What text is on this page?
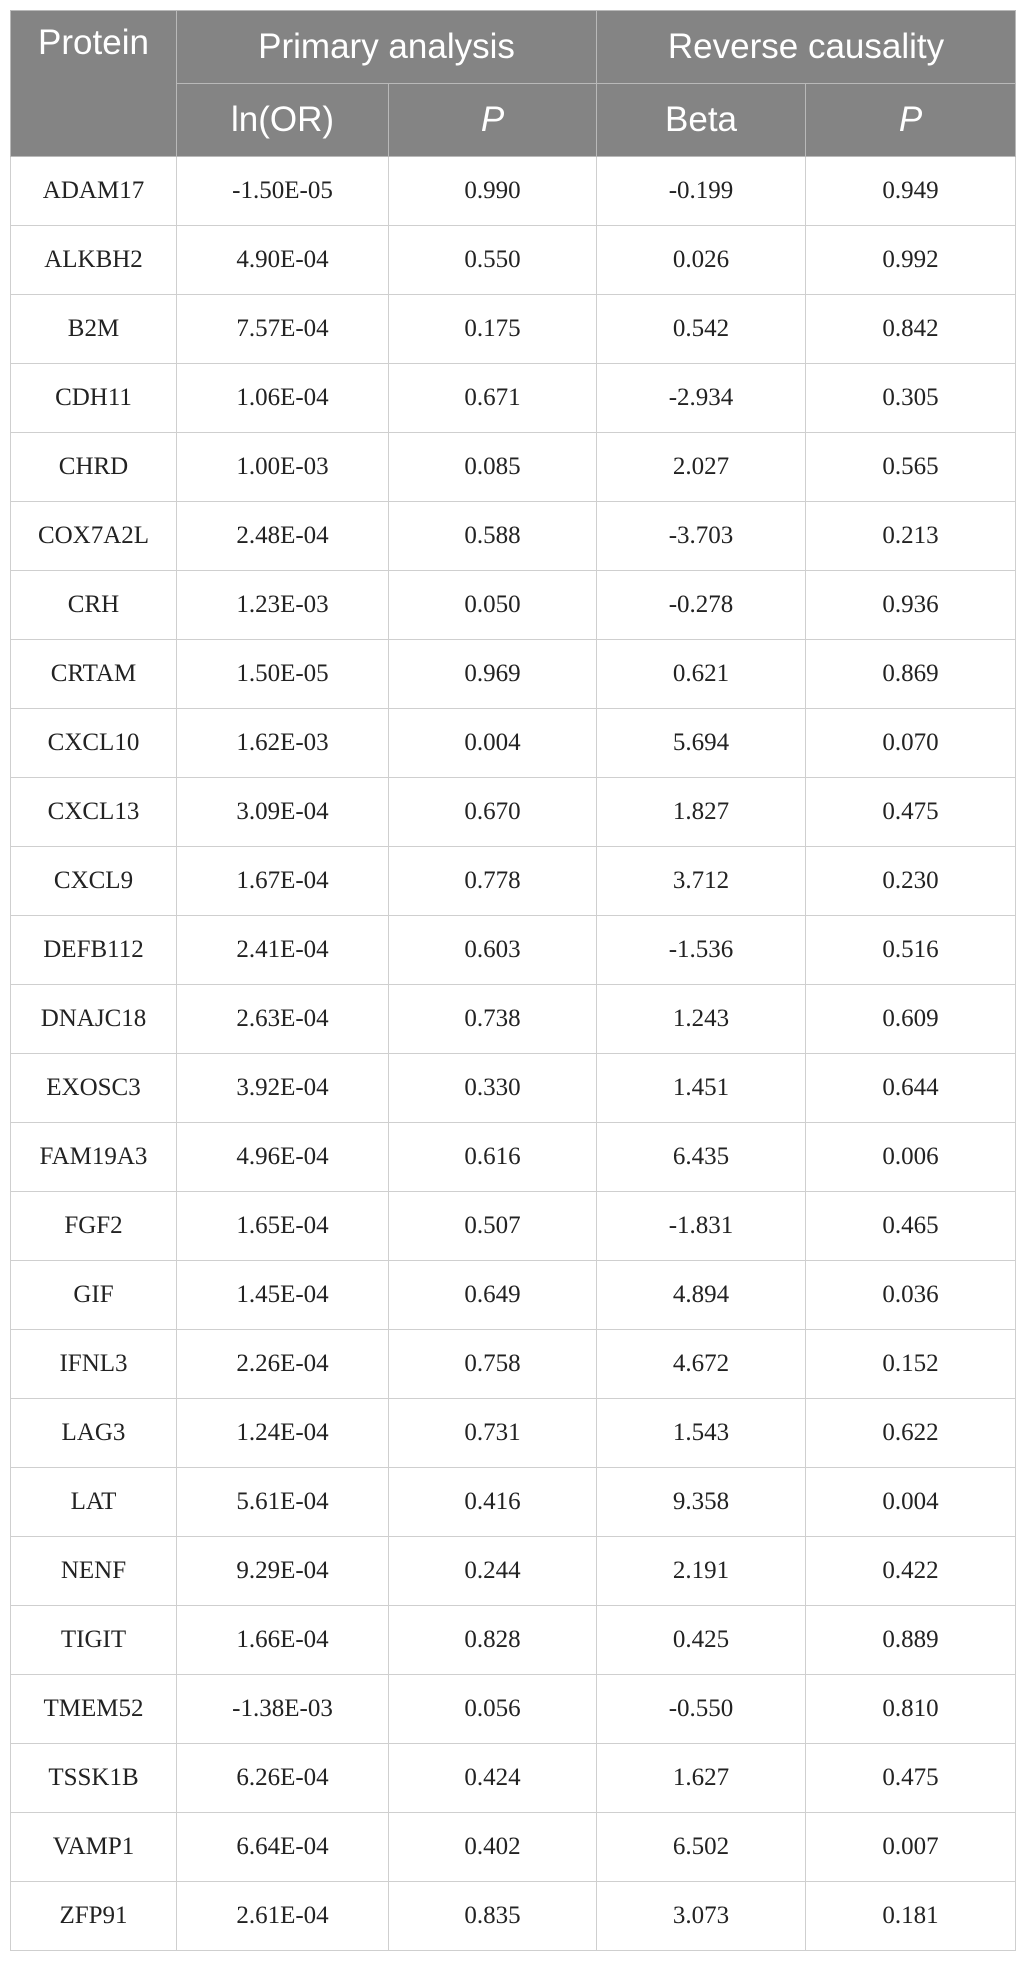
Protein	Primary analysis		Reverse causality	
	ln(OR)	P	Beta	P
ADAM17	-1.50E-05	0.990	-0.199	0.949
ALKBH2	4.90E-04	0.550	0.026	0.992
B2M	7.57E-04	0.175	0.542	0.842
CDH11	1.06E-04	0.671	-2.934	0.305
CHRD	1.00E-03	0.085	2.027	0.565
COX7A2L	2.48E-04	0.588	-3.703	0.213
CRH	1.23E-03	0.050	-0.278	0.936
CRTAM	1.50E-05	0.969	0.621	0.869
CXCL10	1.62E-03	0.004	5.694	0.070
CXCL13	3.09E-04	0.670	1.827	0.475
CXCL9	1.67E-04	0.778	3.712	0.230
DEFB112	2.41E-04	0.603	-1.536	0.516
DNAJC18	2.63E-04	0.738	1.243	0.609
EXOSC3	3.92E-04	0.330	1.451	0.644
FAM19A3	4.96E-04	0.616	6.435	0.006
FGF2	1.65E-04	0.507	-1.831	0.465
GIF	1.45E-04	0.649	4.894	0.036
IFNL3	2.26E-04	0.758	4.672	0.152
LAG3	1.24E-04	0.731	1.543	0.622
LAT	5.61E-04	0.416	9.358	0.004
NENF	9.29E-04	0.244	2.191	0.422
TIGIT	1.66E-04	0.828	0.425	0.889
TMEM52	-1.38E-03	0.056	-0.550	0.810
TSSK1B	6.26E-04	0.424	1.627	0.475
VAMP1	6.64E-04	0.402	6.502	0.007
ZFP91	2.61E-04	0.835	3.073	0.181
